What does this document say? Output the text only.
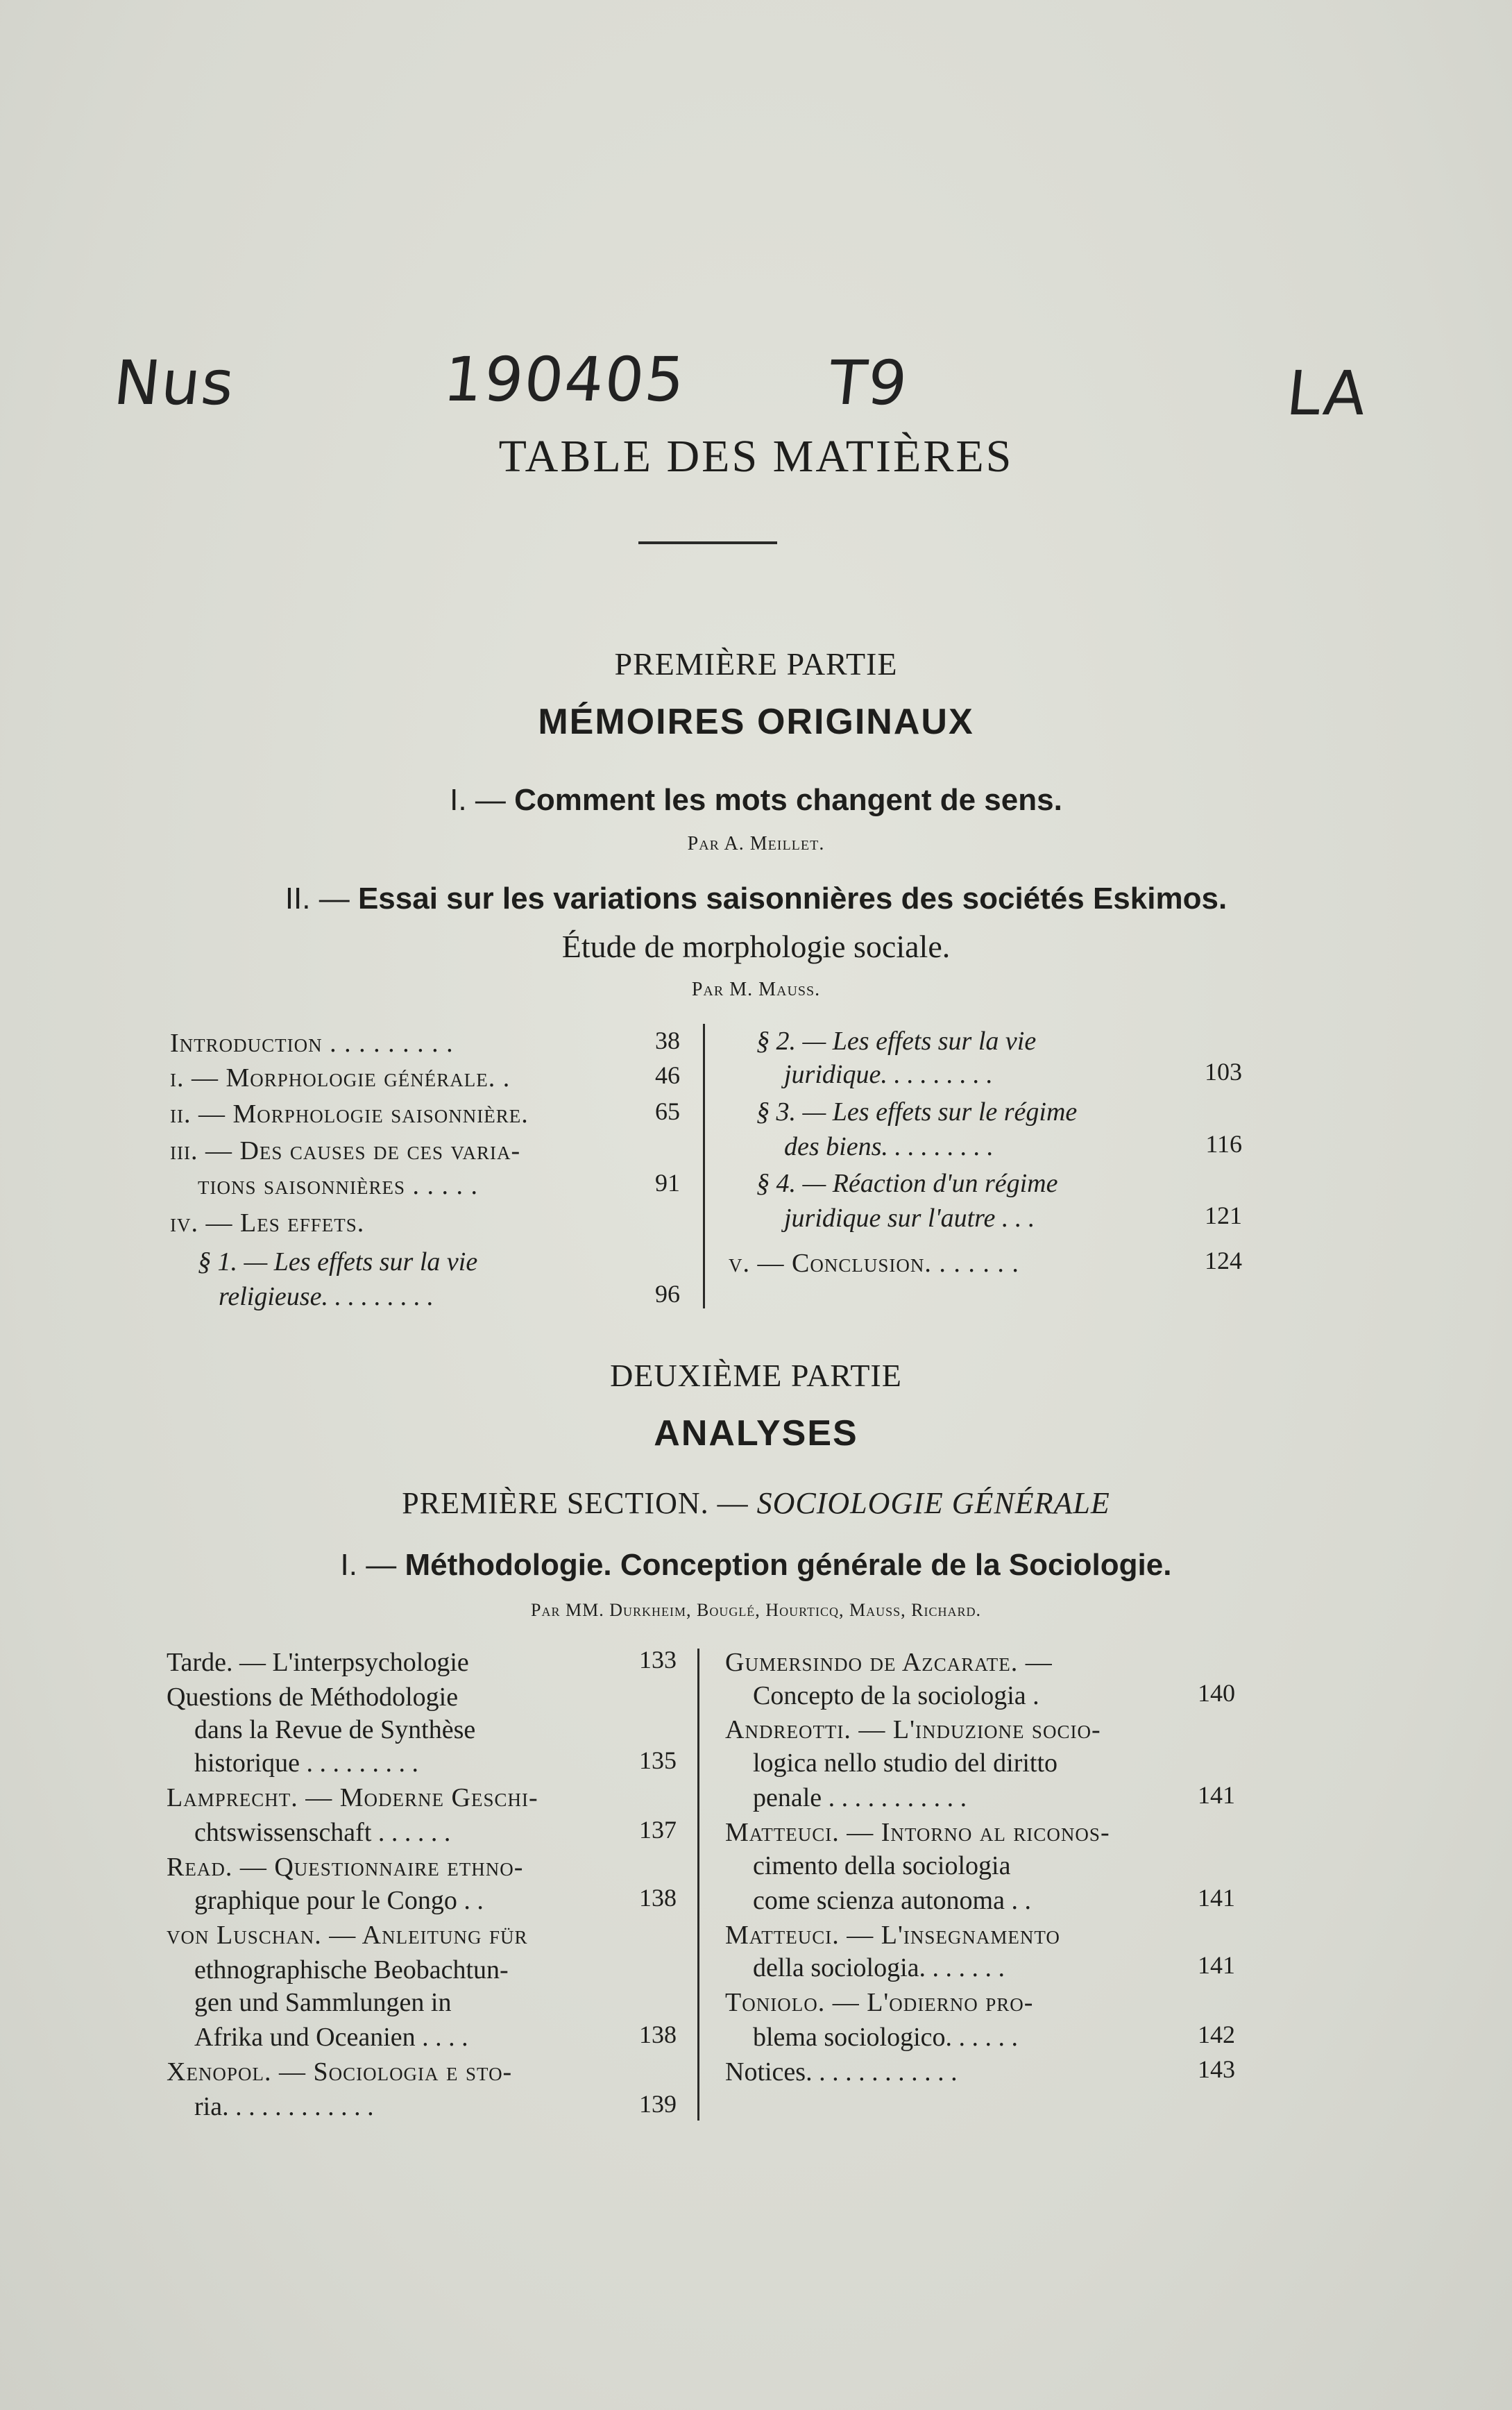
Nus	190405 T9	LA
TABLE DES MATIÈRES
PREMIÈRE PARTIE
MÉMOIRES ORIGINAUX
I. — Comment les mots changent de sens.
Par A. Meillet.
II. — Essai sur les variations saisonnières des sociétés Eskimos.
Étude de morphologie sociale.
Par M. Mauss.
Introduction . . . . . . . . .	38
i. — Morphologie générale. .	46
ii. — Morphologie saisonnière.	65
iii. — Des causes de ces varia-
tions saisonnières . . . . .	91
iv. — Les effets.
§ 1. — Les effets sur la vie
religieuse. . . . . . . . .	96
§ 2. — Les effets sur la vie
juridique. . . . . . . . .	103
§ 3. — Les effets sur le régime
des biens. . . . . . . . .	116
§ 4. — Réaction d'un régime
juridique sur l'autre . . .	121
v. — Conclusion. . . . . . .	124
DEUXIÈME PARTIE
ANALYSES
PREMIÈRE SECTION. — SOCIOLOGIE GÉNÉRALE
I. — Méthodologie. Conception générale de la Sociologie.
Par MM. Durkheim, Bouglé, Hourticq, Mauss, Richard.
Tarde. — L'interpsychologie	133
Questions de Méthodologie
dans la Revue de Synthèse
historique . . . . . . . . .	135
Lamprecht. — Moderne Geschi-
chtswissenschaft . . . . . .	137
Read. — Questionnaire ethno-
graphique pour le Congo . .	138
von Luschan. — Anleitung für
ethnographische Beobachtun-
gen und Sammlungen in
Afrika und Oceanien . . . .	138
Xenopol. — Sociologia e sto-
ria. . . . . . . . . . . .	139
Gumersindo de Azcarate. —
Concepto de la sociologia .	140
Andreotti. — L'induzione socio-
logica nello studio del diritto
penale . . . . . . . . . . .	141
Matteuci. — Intorno al riconos-
cimento della sociologia
come scienza autonoma . .	141
Matteuci. — L'insegnamento
della sociologia. . . . . . .	141
Toniolo. — L'odierno pro-
blema sociologico. . . . . .	142
Notices. . . . . . . . . . . .	143
